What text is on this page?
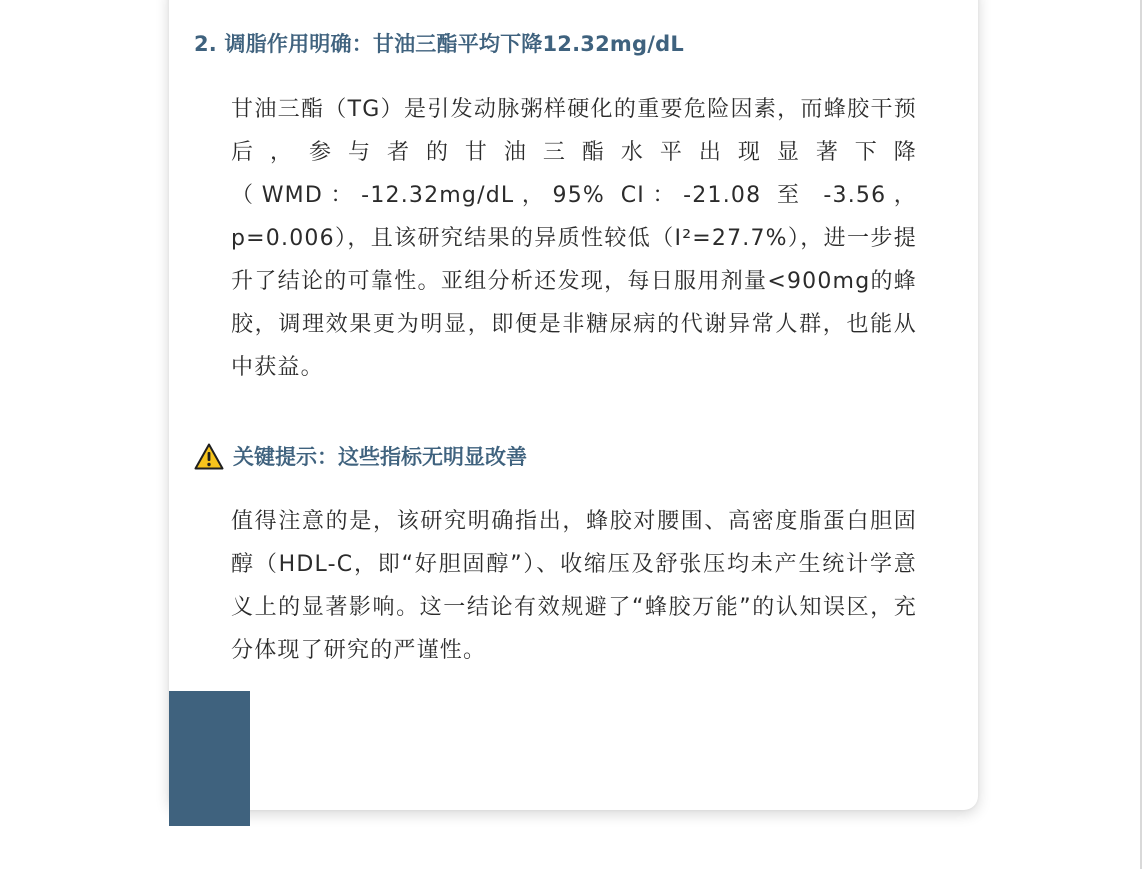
2. 调脂作用明确：甘油三酯平均下降12.32mg/dL

甘油三酯（TG）是引发动脉粥样硬化的重要危险因素，而蜂胶干预后，参与者的甘油三酯水平出现显著下降（WMD：-12.32mg/dL，95% CI：-21.08 至 -3.56，p=0.006），且该研究结果的异质性较低（I²=27.7%），进一步提升了结论的可靠性。亚组分析还发现，每日服用剂量<900mg的蜂胶，调理效果更为明显，即便是非糖尿病的代谢异常人群，也能从中获益。

关键提示：这些指标无明显改善

值得注意的是，该研究明确指出，蜂胶对腰围、高密度脂蛋白胆固醇（HDL-C，即“好胆固醇”）、收缩压及舒张压均未产生统计学意义上的显著影响。这一结论有效规避了“蜂胶万能”的认知误区，充分体现了研究的严谨性。
